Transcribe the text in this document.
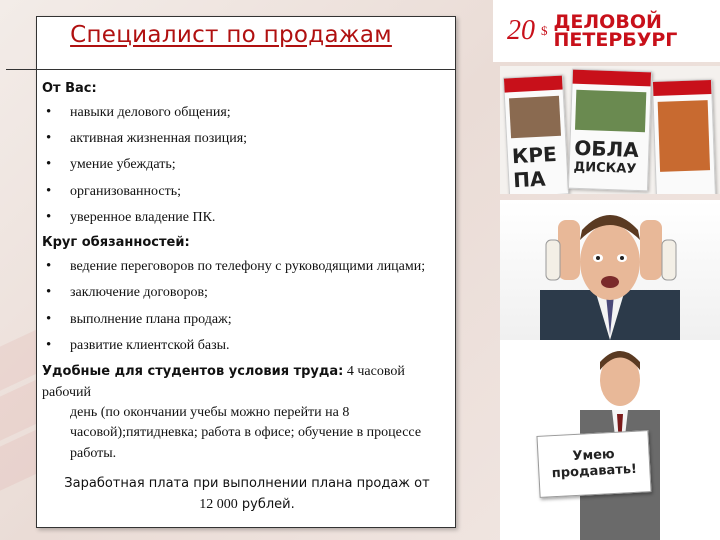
Специалист по продажам
От Вас:
• навыки делового общения;
• активная жизненная позиция;
• умение убеждать;
• организованность;
• уверенное владение ПК.
Круг обязанностей:
• ведение переговоров по телефону с руководящими лицами;
• заключение договоров;
• выполнение плана продаж;
• развитие клиентской базы.
Удобные для студентов условия труда: 4 часовой рабочий
день (по окончании учебы можно перейти на 8 часовой);пятидневка; работа в офисе; обучение в процессе работы.
Заработная плата при выполнении плана продаж от
12 000 рублей.
20 $ ДЕЛОВОЙ
ПЕТЕРБУРГ
КРЕ
ПА
ОБЛА
ДИСКАУ
Умею
продавать!
